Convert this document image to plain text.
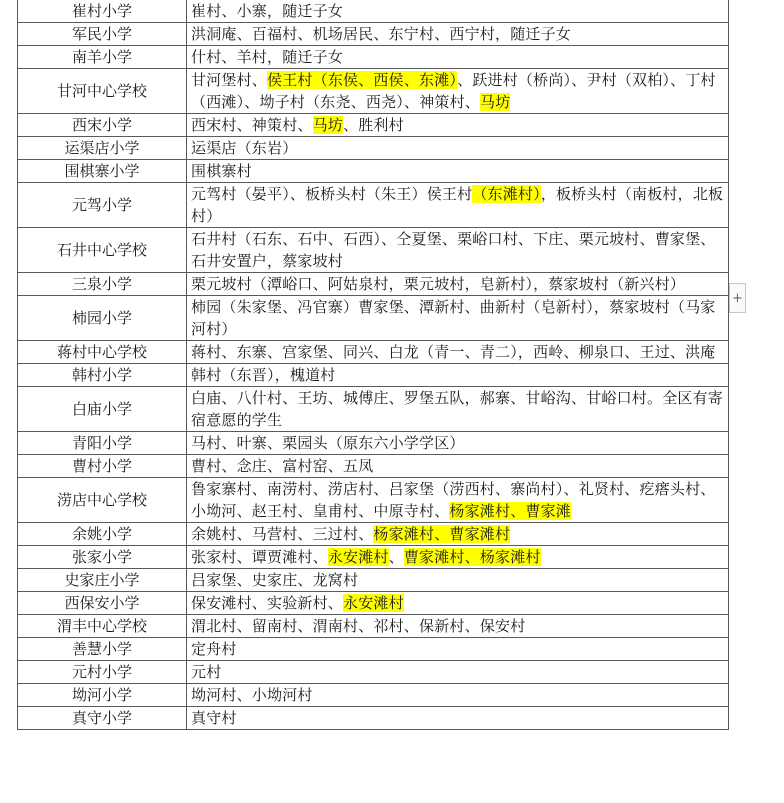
崔村小学	崔村、小寨，随迁子女
军民小学	洪洞庵、百福村、机场居民、东宁村、西宁村，随迁子女
南羊小学	什村、羊村，随迁子女
甘河中心学校	甘河堡村、侯王村（东侯、西侯、东滩）、跃进村（桥尚）、尹村（双柏）、丁村（西滩）、坳子村（东尧、西尧）、神策村、马坊
西宋小学	西宋村、神策村、马坊、胜利村
运渠店小学	运渠店（东岩）
围棋寨小学	围棋寨村
元驾小学	元驾村（晏平）、板桥头村（朱王）侯王村（东滩村），板桥头村（南板村，北板村）
石井中心学校	石井村（石东、石中、石西）、仝夏堡、栗峪口村、下庄、栗元坡村、曹家堡、石井安置户，蔡家坡村
三泉小学	栗元坡村（潭峪口、阿姑泉村，栗元坡村，皂新村），蔡家坡村（新兴村）
柿园小学	柿园（朱家堡、冯官寨）曹家堡、潭新村、曲新村（皂新村），蔡家坡村（马家河村）
蒋村中心学校	蒋村、东寨、宫家堡、同兴、白龙（青一、青二），西岭、柳泉口、王过、洪庵
韩村小学	韩村（东晋），槐道村
白庙小学	白庙、八什村、王坊、城傅庄、罗堡五队，郝寨、甘峪沟、甘峪口村。全区有寄宿意愿的学生
青阳小学	马村、叶寨、栗园头（原东六小学学区）
曹村小学	曹村、念庄、富村窑、五凤
涝店中心学校	鲁家寨村、南涝村、涝店村、吕家堡（涝西村、寨尚村）、礼贤村、疙瘩头村、小坳河、赵王村、皇甫村、中原寺村、杨家滩村、曹家滩
余姚小学	余姚村、马营村、三过村、杨家滩村、曹家滩村
张家小学	张家村、谭贾滩村、永安滩村、曹家滩村、杨家滩村
史家庄小学	吕家堡、史家庄、龙窝村
西保安小学	保安滩村、实验新村、永安滩村
渭丰中心学校	渭北村、留南村、渭南村、祁村、保新村、保安村
善慧小学	定舟村
元村小学	元村
坳河小学	坳河村、小坳河村
真守小学	真守村
+
